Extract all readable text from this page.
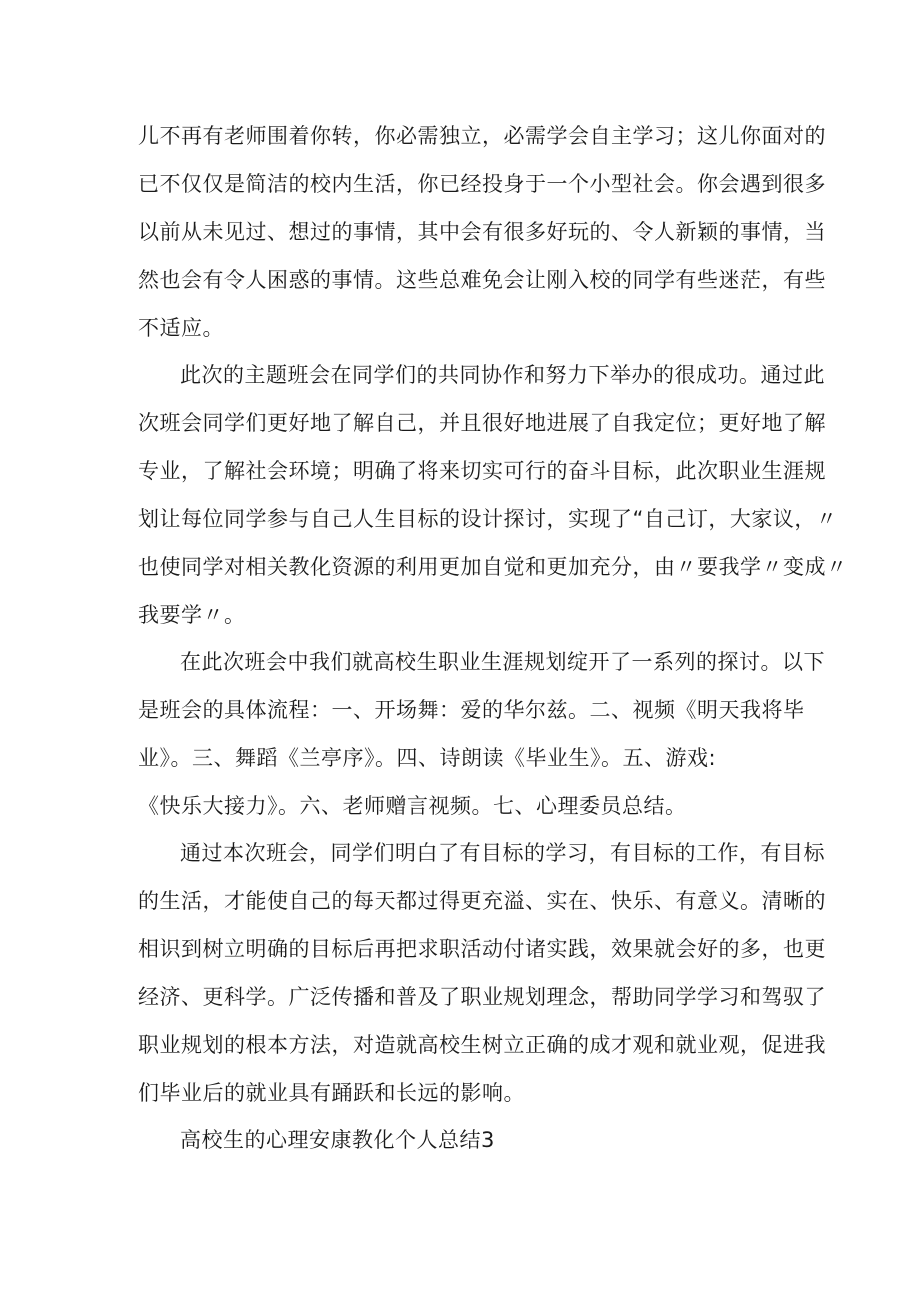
儿不再有老师围着你转，你必需独立，必需学会自主学习；这儿你面对的
已不仅仅是简洁的校内生活，你已经投身于一个小型社会。你会遇到很多
以前从未见过、想过的事情，其中会有很多好玩的、令人新颖的事情，当
然也会有令人困惑的事情。这些总难免会让刚入校的同学有些迷茫，有些
不适应。
此次的主题班会在同学们的共同协作和努力下举办的很成功。通过此
次班会同学们更好地了解自己，并且很好地进展了自我定位；更好地了解
专业，了解社会环境；明确了将来切实可行的奋斗目标，此次职业生涯规
划让每位同学参与自己人生目标的设计探讨，实现了“自己订，大家议，〃
也使同学对相关教化资源的利用更加自觉和更加充分，由〃要我学〃变成〃
我要学〃。
在此次班会中我们就高校生职业生涯规划绽开了一系列的探讨。以下
是班会的具体流程：一、开场舞：爱的华尔兹。二、视频《明天我将毕
业》。三、舞蹈《兰亭序》。四、诗朗读《毕业生》。五、游戏:
《快乐大接力》。六、老师赠言视频。七、心理委员总结。
通过本次班会，同学们明白了有目标的学习，有目标的工作，有目标
的生活，才能使自己的每天都过得更充溢、实在、快乐、有意义。清晰的
相识到树立明确的目标后再把求职活动付诸实践，效果就会好的多，也更
经济、更科学。广泛传播和普及了职业规划理念，帮助同学学习和驾驭了
职业规划的根本方法，对造就高校生树立正确的成才观和就业观，促进我
们毕业后的就业具有踊跃和长远的影响。
高校生的心理安康教化个人总结3
